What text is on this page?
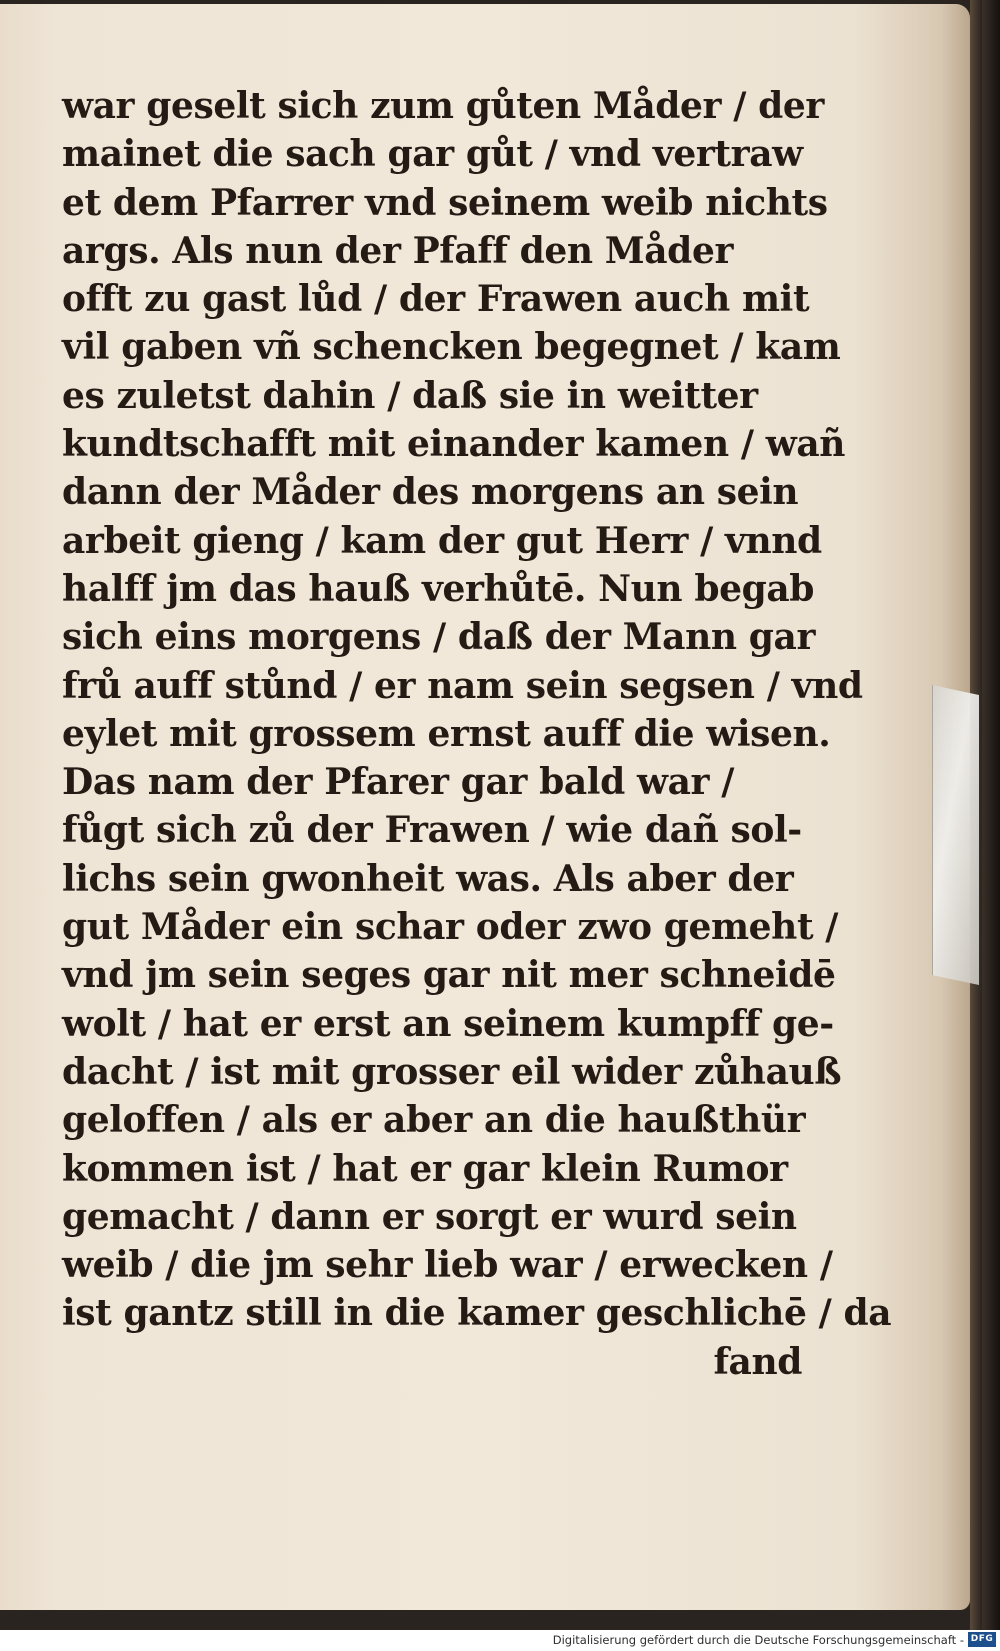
war geselt sich zum gůten Måder / der
mainet die sach gar gůt / vnd vertraw
et dem Pfarrer vnd seinem weib nichts
args. Als nun der Pfaff den Måder
offt zu gast lůd / der Frawen auch mit
vil gaben vñ schencken begegnet / kam
es zuletst dahin / daß sie in weitter
kundtschafft mit einander kamen / wañ
dann der Måder des morgens an sein
arbeit gieng / kam der gut Herr / vnnd
halff jm das hauß verhůtē. Nun begab
sich eins morgens / daß der Mann gar
frů auff stůnd / er nam sein segsen / vnd
eylet mit grossem ernst auff die wisen.
Das nam der Pfarer gar bald war /
fůgt sich zů der Frawen / wie dañ sol-
lichs sein gwonheit was. Als aber der
gut Måder ein schar oder zwo gemeht /
vnd jm sein seges gar nit mer schneidē
wolt / hat er erst an seinem kumpff ge-
dacht / ist mit grosser eil wider zůhauß
geloffen / als er aber an die haußthür
kommen ist / hat er gar klein Rumor
gemacht / dann er sorgt er wurd sein
weib / die jm sehr lieb war / erwecken /
ist gantz still in die kamer geschlichē / da
fand
Digitalisierung gefördert durch die Deutsche Forschungsgemeinschaft - DFG
